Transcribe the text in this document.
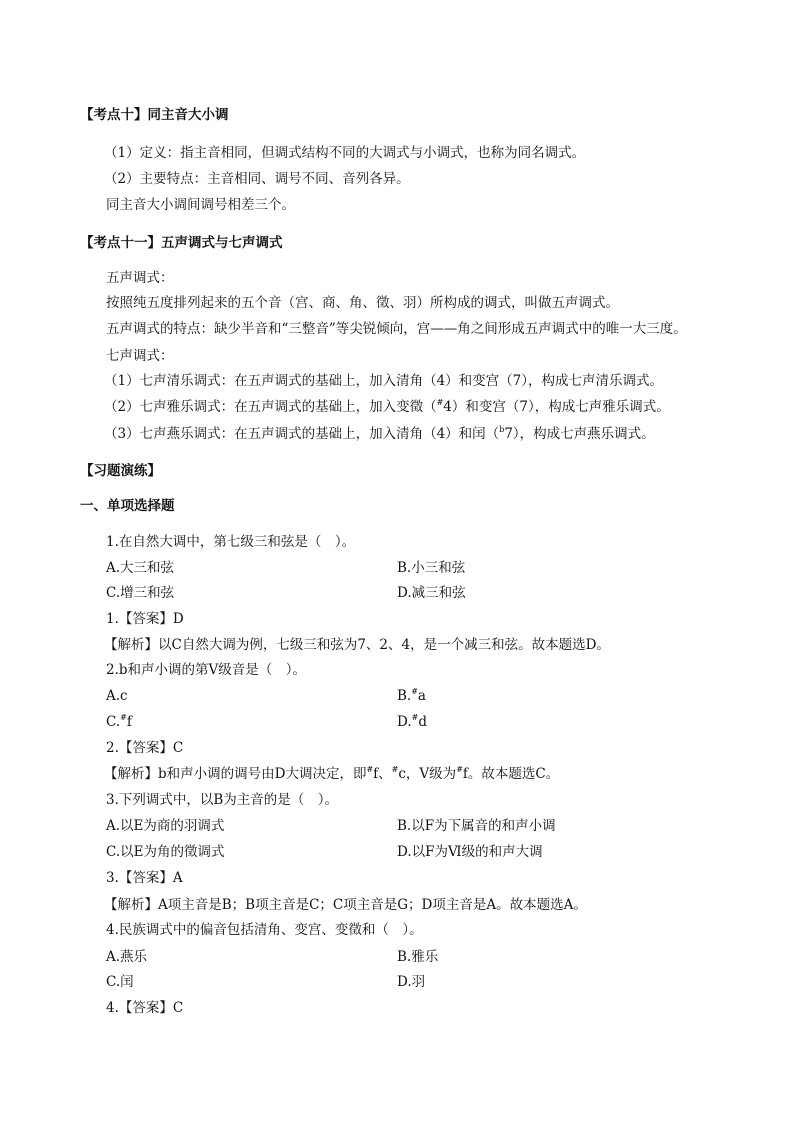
【考点十】同主音大小调
（1）定义：指主音相同，但调式结构不同的大调式与小调式，也称为同名调式。
（2）主要特点：主音相同、调号不同、音列各异。
同主音大小调间调号相差三个。
【考点十一】五声调式与七声调式
五声调式：
按照纯五度排列起来的五个音（宫、商、角、徵、羽）所构成的调式，叫做五声调式。
五声调式的特点：缺少半音和“三整音”等尖锐倾向，宫——角之间形成五声调式中的唯一大三度。
七声调式：
（1）七声清乐调式：在五声调式的基础上，加入清角（4）和变宫（7），构成七声清乐调式。
（2）七声雅乐调式：在五声调式的基础上，加入变徵（#4）和变宫（7），构成七声雅乐调式。
（3）七声燕乐调式：在五声调式的基础上，加入清角（4）和闰（$^b$7），构成七声燕乐调式。
【习题演练】
一、单项选择题
1.在自然大调中，第七级三和弦是（　）。
A.大三和弦	B.小三和弦
C.增三和弦	D.减三和弦
1.【答案】D
【解析】以C自然大调为例，七级三和弦为7、2、4，是一个减三和弦。故本题选D。
2.b和声小调的第Ⅴ级音是（　）。
A.c	B.#a
C.#f	D.#d
2.【答案】C
【解析】b和声小调的调号由D大调决定，即#f、#c，Ⅴ级为#f。故本题选C。
3.下列调式中，以B为主音的是（　）。
A.以E为商的羽调式	B.以F为下属音的和声小调
C.以E为角的徵调式	D.以F为Ⅵ级的和声大调
3.【答案】A
【解析】A项主音是B；B项主音是C；C项主音是G；D项主音是A。故本题选A。
4.民族调式中的偏音包括清角、变宫、变徵和（　）。
A.燕乐	B.雅乐
C.闰	D.羽
4.【答案】C
